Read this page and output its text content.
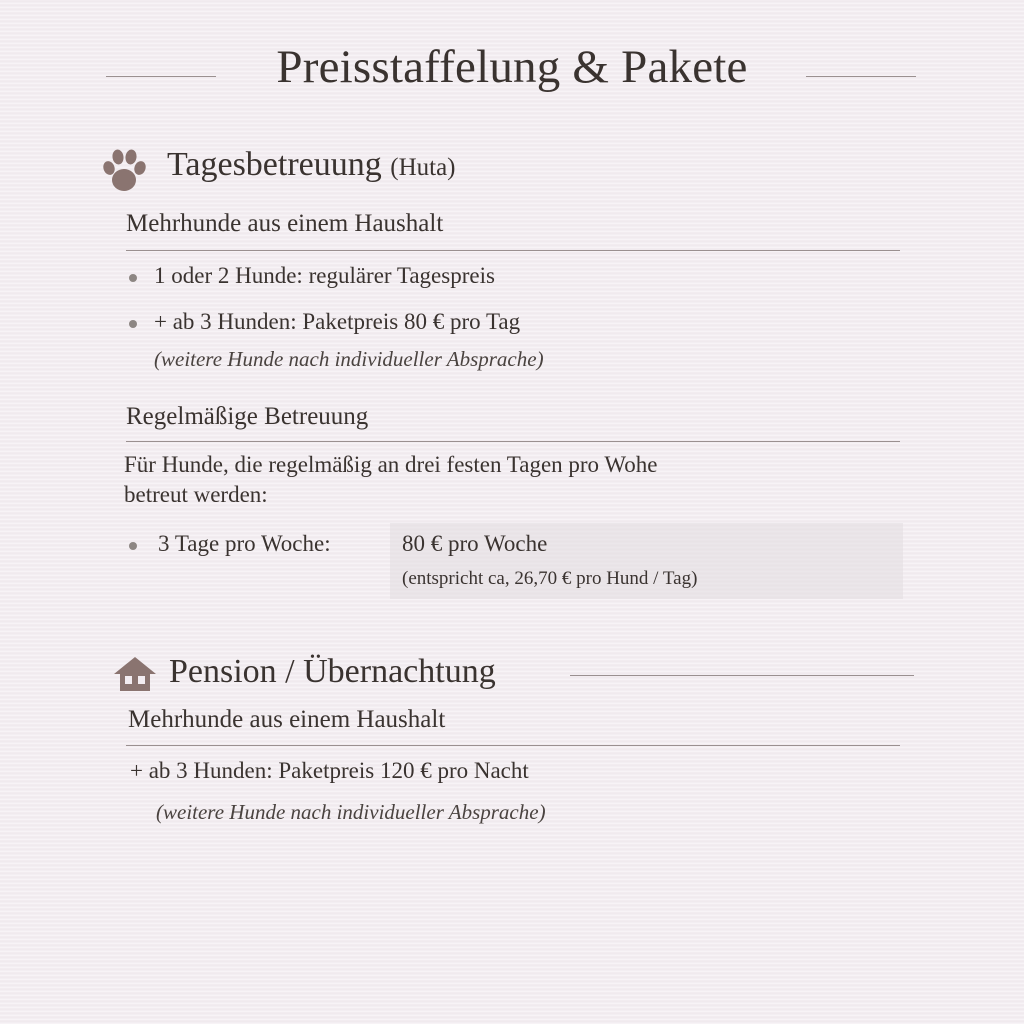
Preisstaffelung & Pakete
Tagesbetreuung (Huta)
Mehrhunde aus einem Haushalt
1 oder 2 Hunde: regulärer Tagespreis
+ ab 3 Hunden: Paketpreis 80 € pro Tag
(weitere Hunde nach individueller Absprache)
Regelmäßige Betreuung
Für Hunde, die regelmäßig an drei festen Tagen pro Wohe
betreut werden:
3 Tage pro Woche:	80 € pro Woche
(entspricht ca, 26,70 € pro Hund / Tag)
Pension / Übernachtung
Mehrhunde aus einem Haushalt
+ ab 3 Hunden: Paketpreis 120 € pro Nacht
(weitere Hunde nach individueller Absprache)
